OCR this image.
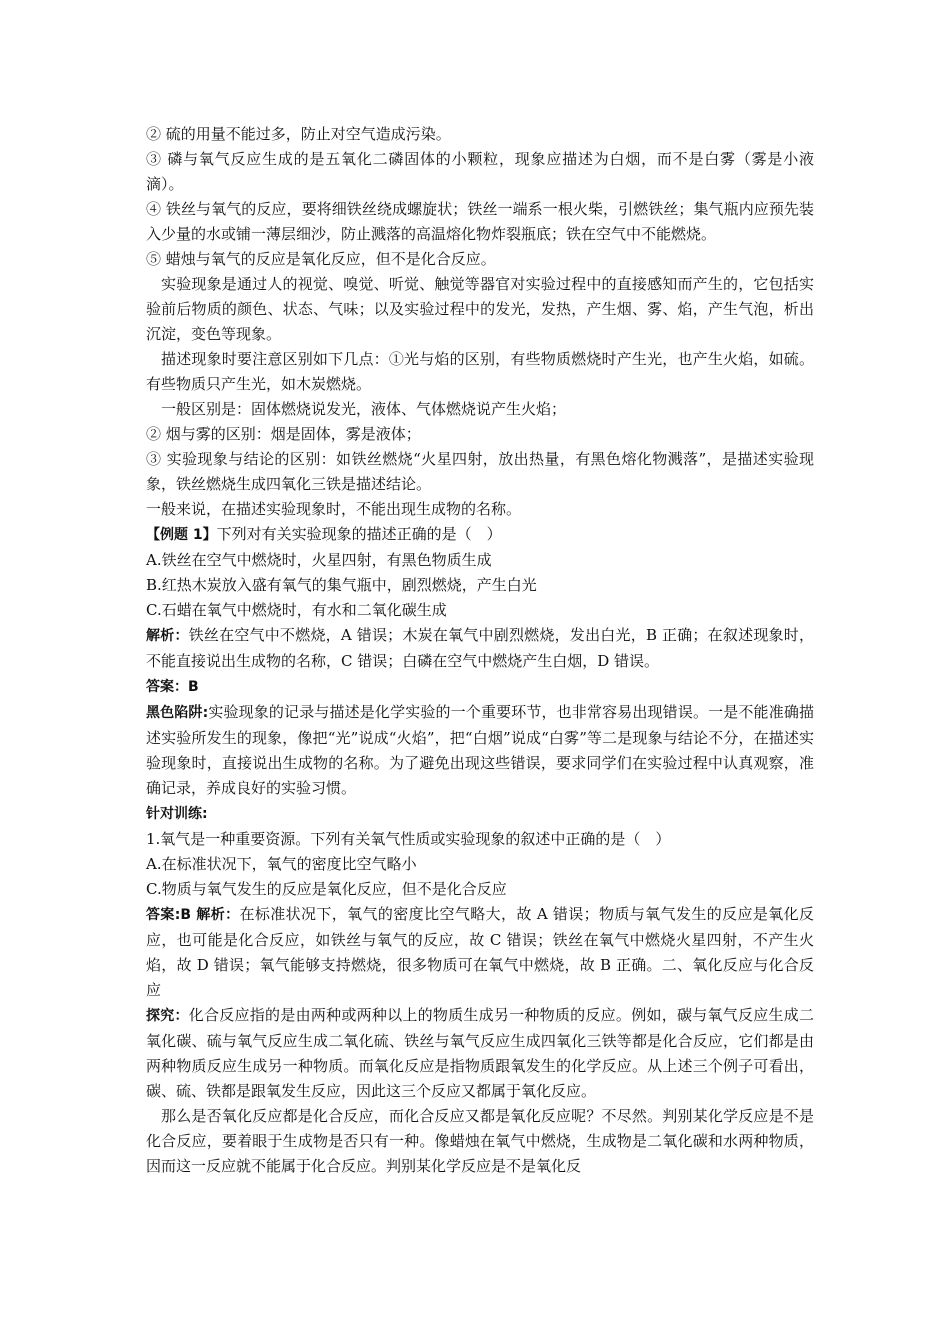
② 硫的用量不能过多，防止对空气造成污染。

③ 磷与氧气反应生成的是五氧化二磷固体的小颗粒，现象应描述为白烟，而不是白雾（雾是小液滴）。

④ 铁丝与氧气的反应，要将细铁丝绕成螺旋状；铁丝一端系一根火柴，引燃铁丝；集气瓶内应预先装入少量的水或铺一薄层细沙，防止溅落的高温熔化物炸裂瓶底；铁在空气中不能燃烧。

⑤ 蜡烛与氧气的反应是氧化反应，但不是化合反应。

实验现象是通过人的视觉、嗅觉、听觉、触觉等器官对实验过程中的直接感知而产生的，它包括实验前后物质的颜色、状态、气味；以及实验过程中的发光，发热，产生烟、雾、焰，产生气泡，析出沉淀，变色等现象。

描述现象时要注意区别如下几点：①光与焰的区别，有些物质燃烧时产生光，也产生火焰，如硫。有些物质只产生光，如木炭燃烧。

一般区别是：固体燃烧说发光，液体、气体燃烧说产生火焰；

② 烟与雾的区别：烟是固体，雾是液体；

③ 实验现象与结论的区别：如铁丝燃烧“火星四射，放出热量，有黑色熔化物溅落”，是描述实验现象，铁丝燃烧生成四氧化三铁是描述结论。

一般来说，在描述实验现象时，不能出现生成物的名称。

【例题 1】下列对有关实验现象的描述正确的是（　）

A.铁丝在空气中燃烧时，火星四射，有黑色物质生成

B.红热木炭放入盛有氧气的集气瓶中，剧烈燃烧，产生白光

C.石蜡在氧气中燃烧时，有水和二氧化碳生成

解析：铁丝在空气中不燃烧，A 错误；木炭在氧气中剧烈燃烧，发出白光，B 正确；在叙述现象时，不能直接说出生成物的名称，C 错误；白磷在空气中燃烧产生白烟，D 错误。

答案：B

黑色陷阱:实验现象的记录与描述是化学实验的一个重要环节，也非常容易出现错误。一是不能准确描述实验所发生的现象，像把“光”说成“火焰”，把“白烟”说成“白雾”等二是现象与结论不分，在描述实验现象时，直接说出生成物的名称。为了避免出现这些错误，要求同学们在实验过程中认真观察，准确记录，养成良好的实验习惯。

针对训练:

1.氧气是一种重要资源。下列有关氧气性质或实验现象的叙述中正确的是（　）

A.在标准状况下，氧气的密度比空气略小

C.物质与氧气发生的反应是氧化反应，但不是化合反应

答案:B 解析：在标准状况下，氧气的密度比空气略大，故 A 错误；物质与氧气发生的反应是氧化反应，也可能是化合反应，如铁丝与氧气的反应，故 C 错误；铁丝在氧气中燃烧火星四射，不产生火焰，故 D 错误；氧气能够支持燃烧，很多物质可在氧气中燃烧，故 B 正确。二、氧化反应与化合反应

探究：化合反应指的是由两种或两种以上的物质生成另一种物质的反应。例如，碳与氧气反应生成二氧化碳、硫与氧气反应生成二氧化硫、铁丝与氧气反应生成四氧化三铁等都是化合反应，它们都是由两种物质反应生成另一种物质。而氧化反应是指物质跟氧发生的化学反应。从上述三个例子可看出，碳、硫、铁都是跟氧发生反应，因此这三个反应又都属于氧化反应。

那么是否氧化反应都是化合反应，而化合反应又都是氧化反应呢？不尽然。判别某化学反应是不是化合反应，要着眼于生成物是否只有一种。像蜡烛在氧气中燃烧，生成物是二氧化碳和水两种物质，因而这一反应就不能属于化合反应。判别某化学反应是不是氧化反
